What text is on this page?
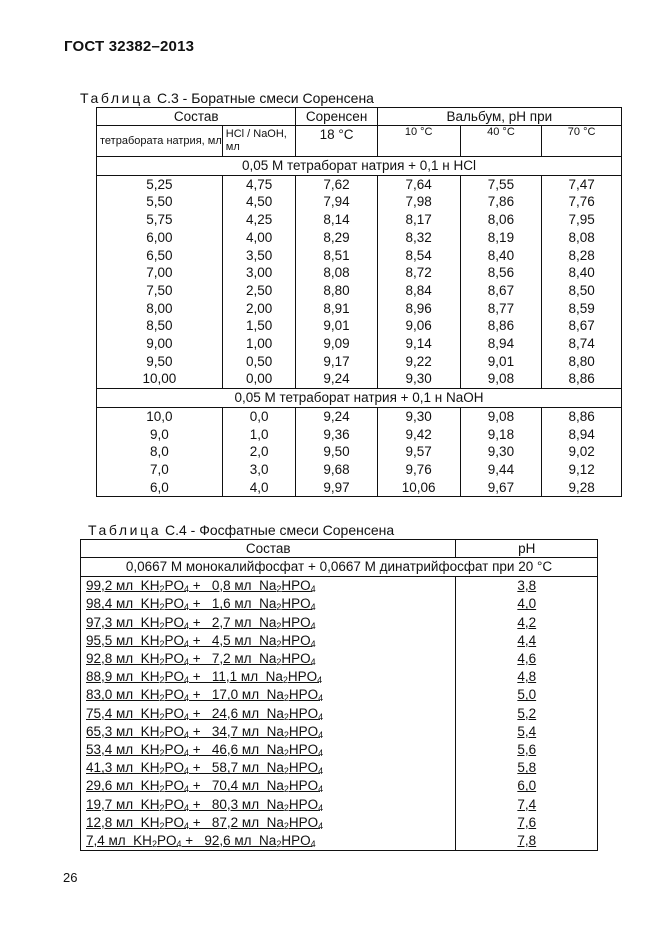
ГОСТ 32382–2013
Таблица С.3 - Боратные смеси Соренсена
Состав		Соренсен	Вальбум, рН при		
тетрабората натрия, мл	HCl / NaOH, мл	18 °С	10 °С	40 °С	70 °С
0,05 М тетраборат натрия + 0,1 н HCl					
5,25	4,75	7,62	7,64	7,55	7,47
5,50	4,50	7,94	7,98	7,86	7,76
5,75	4,25	8,14	8,17	8,06	7,95
6,00	4,00	8,29	8,32	8,19	8,08
6,50	3,50	8,51	8,54	8,40	8,28
7,00	3,00	8,08	8,72	8,56	8,40
7,50	2,50	8,80	8,84	8,67	8,50
8,00	2,00	8,91	8,96	8,77	8,59
8,50	1,50	9,01	9,06	8,86	8,67
9,00	1,00	9,09	9,14	8,94	8,74
9,50	0,50	9,17	9,22	9,01	8,80
10,00	0,00	9,24	9,30	9,08	8,86
0,05 М тетраборат натрия + 0,1 н NaOH					
10,0	0,0	9,24	9,30	9,08	8,86
9,0	1,0	9,36	9,42	9,18	8,94
8,0	2,0	9,50	9,57	9,30	9,02
7,0	3,0	9,68	9,76	9,44	9,12
6,0	4,0	9,97	10,06	9,67	9,28
Таблица С.4 - Фосфатные смеси Соренсена
Состав	pH
0,0667 М монокалийфосфат + 0,0667 М динатрийфосфат при 20 °С	
99,2 мл  $KH_2PO_4 + 0,8$ мл  $Na_2HPO_4$	3,8
98,4 мл  $KH_2PO_4 + 1,6$ мл  $Na_2HPO_4$	4,0
97,3 мл  $KH_2PO_4 + 2,7$ мл  $Na_2HPO_4$	4,2
95,5 мл  $KH_2PO_4 + 4,5$ мл  $Na_2HPO_4$	4,4
92,8 мл  $KH_2PO_4 + 7,2$ мл  $Na_2HPO_4$	4,6
88,9 мл  $KH_2PO_4 + 11,1$ мл  $Na_2HPO_4$	4,8
83,0 мл  $KH_2PO_4 + 17,0$ мл  $Na_2HPO_4$	5,0
75,4 мл  $KH_2PO_4 + 24,6$ мл  $Na_2HPO_4$	5,2
65,3 мл  $KH_2PO_4 + 34,7$ мл  $Na_2HPO_4$	5,4
53,4 мл  $KH_2PO_4 + 46,6$ мл  $Na_2HPO_4$	5,6
41,3 мл  $KH_2PO_4 + 58,7$ мл  $Na_2HPO_4$	5,8
29,6 мл  $KH_2PO_4 + 70,4$ мл  $Na_2HPO_4$	6,0
19,7 мл  $KH_2PO_4 + 80,3$ мл  $Na_2HPO_4$	7,4
12,8 мл  $KH_2PO_4 + 87,2$ мл  $Na_2HPO_4$	7,6
7,4 мл  $KH_2PO_4 + 92,6$ мл  $Na_2HPO_4$	7,8
26
